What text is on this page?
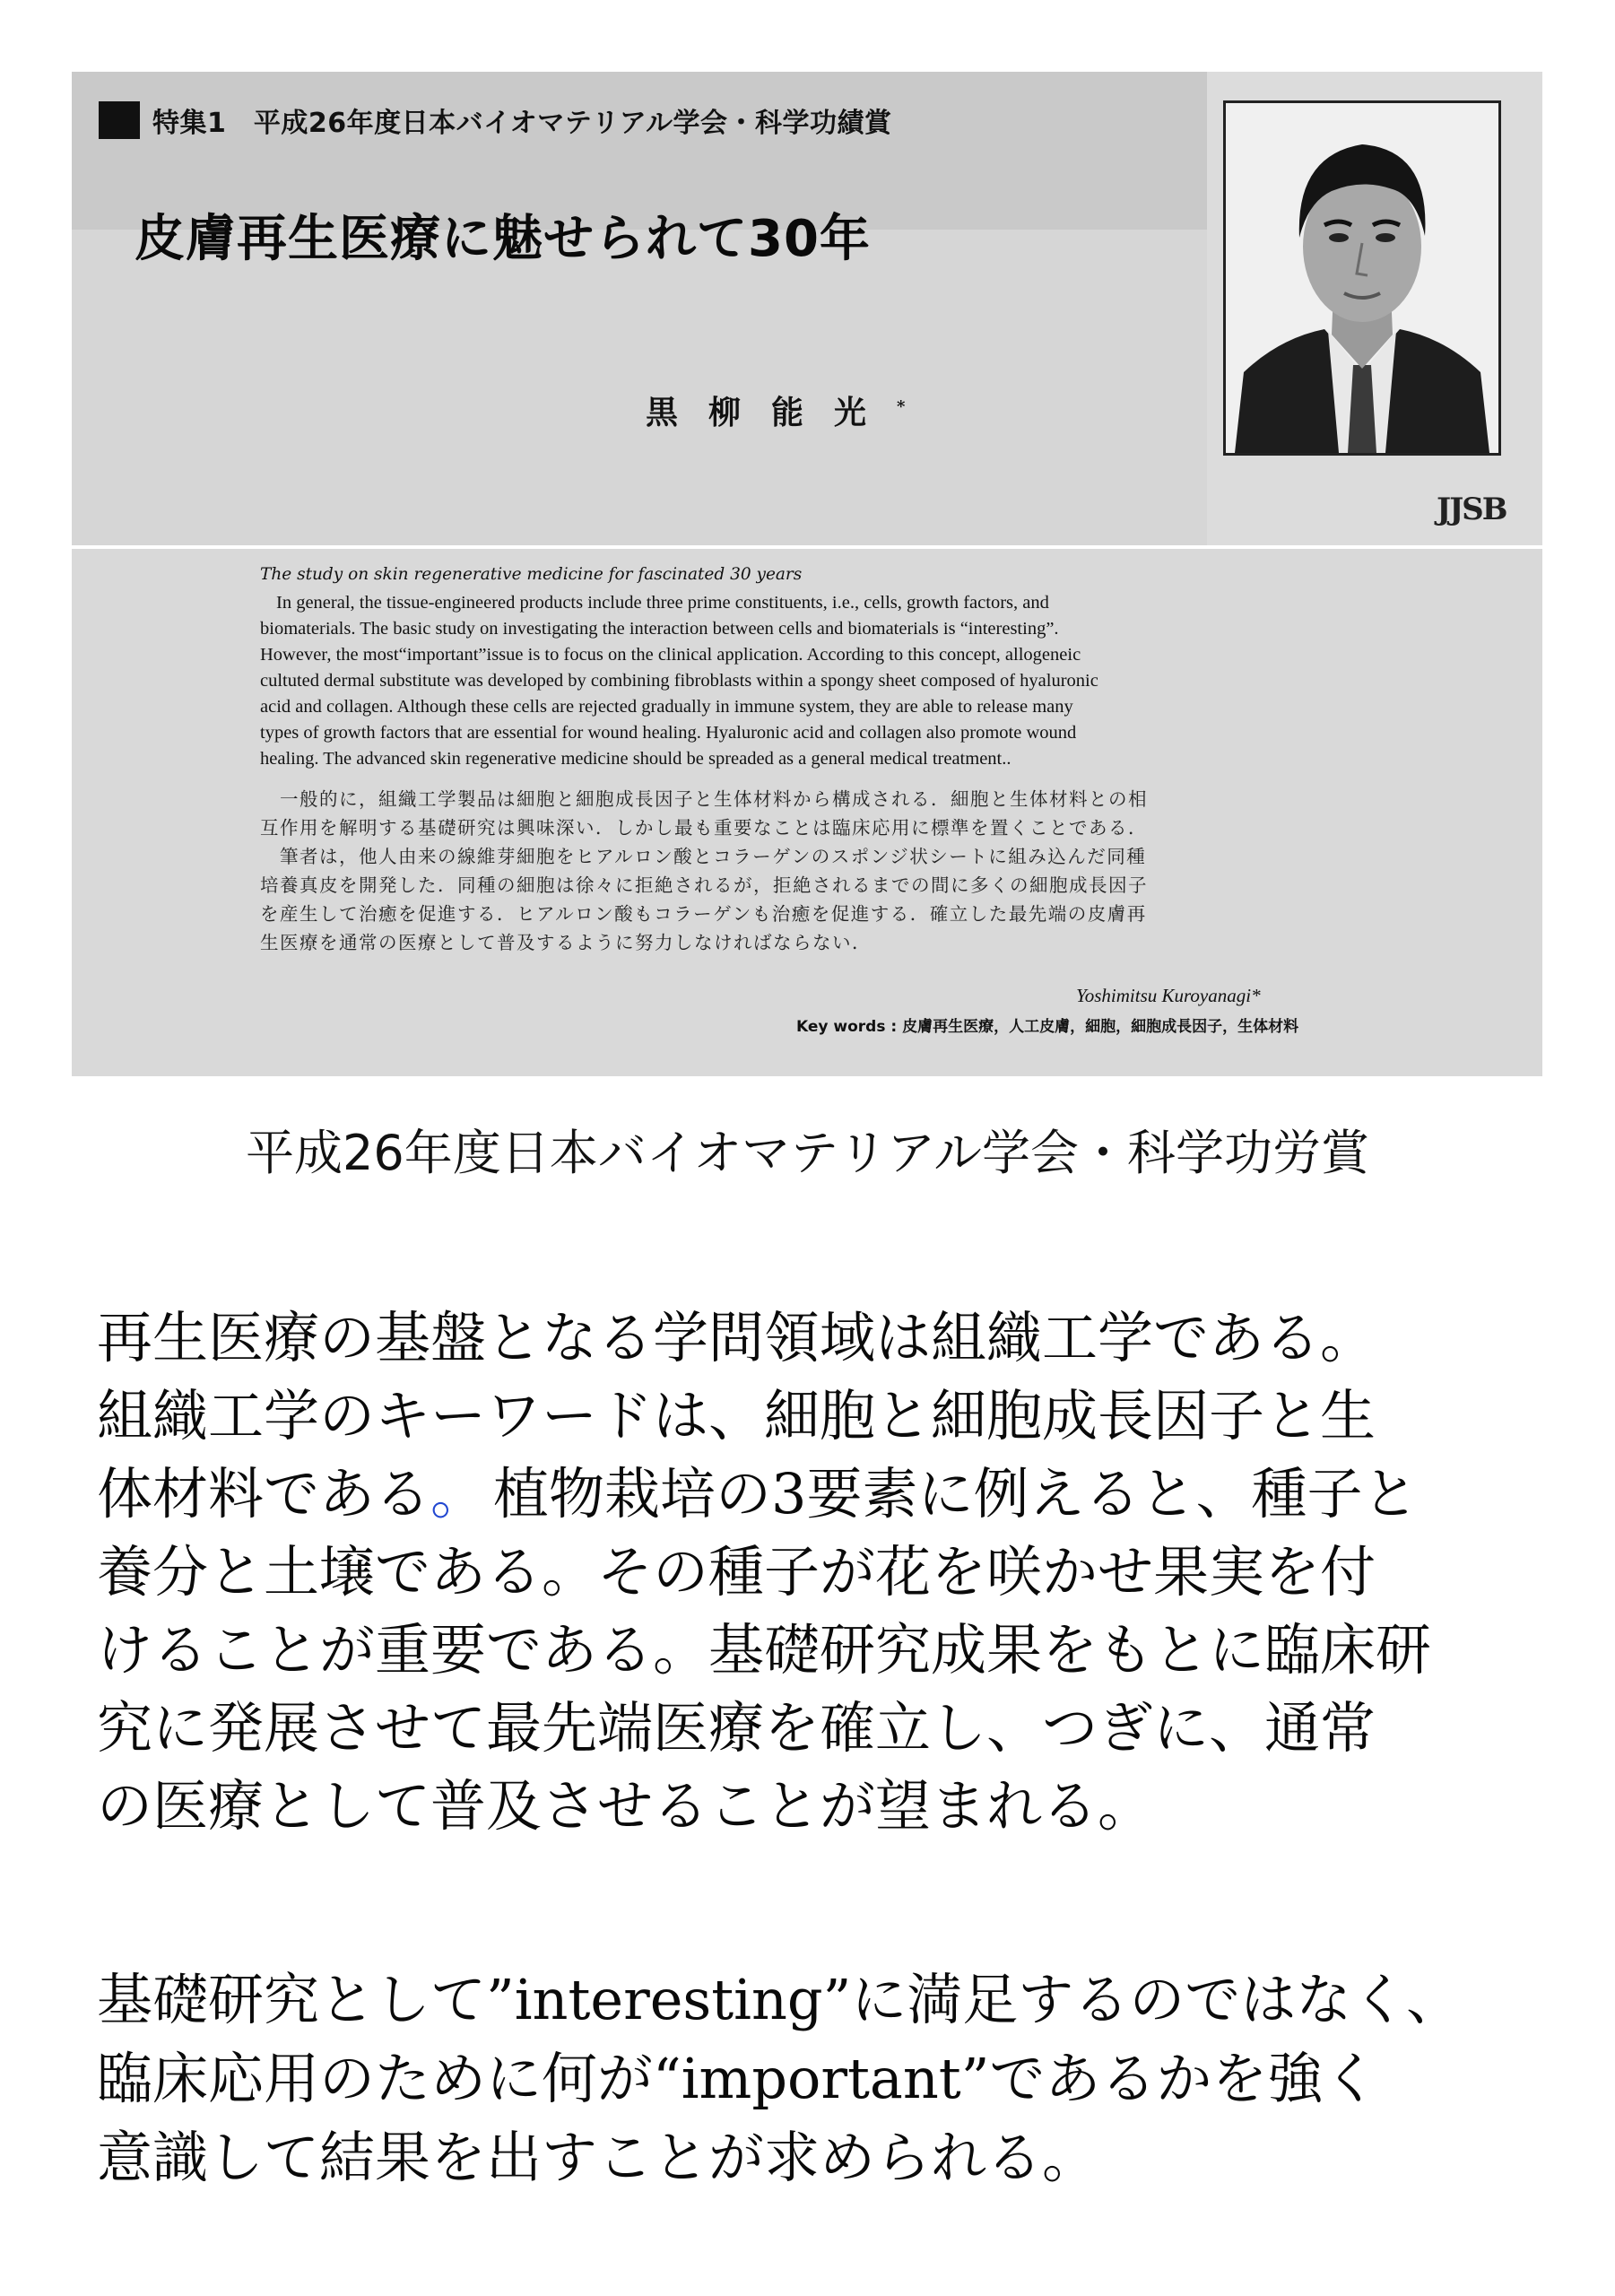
特集1　平成26年度日本バイオマテリアル学会・科学功績賞
皮膚再生医療に魅せられて30年
黒柳能光*
JJSB

The study on skin regenerative medicine for fascinated 30 years

In general, the tissue-engineered products include three prime constituents, i.e., cells, growth factors, and
biomaterials. The basic study on investigating the interaction between cells and biomaterials is “interesting”.
However, the most“important”issue is to focus on the clinical application. According to this concept, allogeneic
cultuted dermal substitute was developed by combining fibroblasts within a spongy sheet composed of hyaluronic
acid and collagen. Although these cells are rejected gradually in immune system, they are able to release many
types of growth factors that are essential for wound healing. Hyaluronic acid and collagen also promote wound
healing. The advanced skin regenerative medicine should be spreaded as a general medical treatment..
　一般的に，組織工学製品は細胞と細胞成長因子と生体材料から構成される．細胞と生体材料との相
互作用を解明する基礎研究は興味深い．しかし最も重要なことは臨床応用に標準を置くことである．
　筆者は，他人由来の線維芽細胞をヒアルロン酸とコラーゲンのスポンジ状シートに組み込んだ同種
培養真皮を開発した．同種の細胞は徐々に拒絶されるが，拒絶されるまでの間に多くの細胞成長因子
を産生して治癒を促進する．ヒアルロン酸もコラーゲンも治癒を促進する．確立した最先端の皮膚再
生医療を通常の医療として普及するように努力しなければならない．
Yoshimitsu Kuroyanagi*
Key words : 皮膚再生医療，人工皮膚，細胞，細胞成長因子，生体材料
平成26年度日本バイオマテリアル学会・科学功労賞
再生医療の基盤となる学問領域は組織工学である。
組織工学のキーワードは、細胞と細胞成長因子と生
体材料である。 植物栽培の3要素に例えると、種子と
養分と土壌である。その種子が花を咲かせ果実を付
けることが重要である。基礎研究成果をもとに臨床研
究に発展させて最先端医療を確立し、つぎに、通常
の医療として普及させることが望まれる。
基礎研究として”interesting”に満足するのではなく、
臨床応用のために何が“important”であるかを強く
意識して結果を出すことが求められる。
